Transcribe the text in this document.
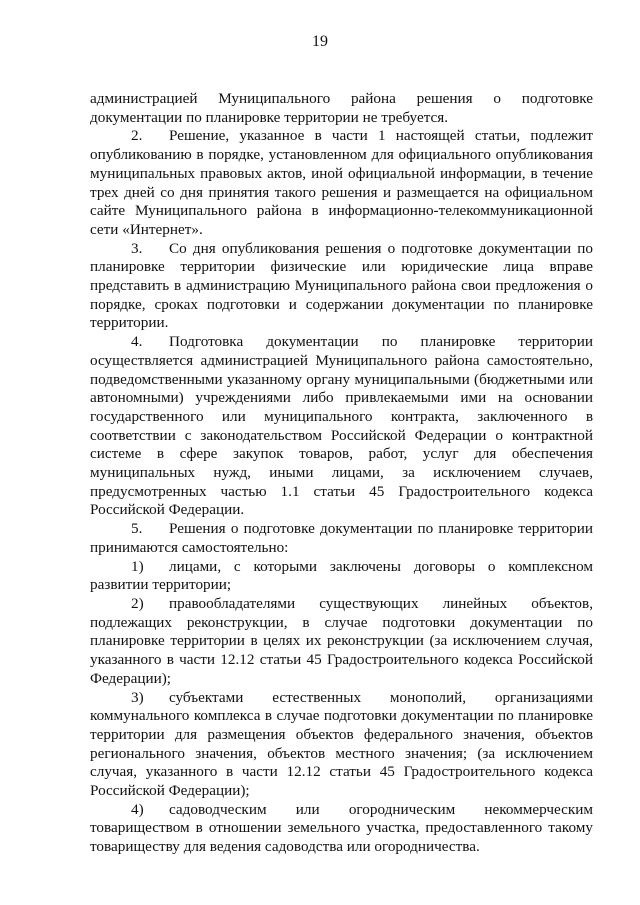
19

администрацией Муниципального района решения о подготовке документации по планировке территории не требуется.

2. Решение, указанное в части 1 настоящей статьи, подлежит опубликованию в порядке, установленном для официального опубликования муниципальных правовых актов, иной официальной информации, в течение трех дней со дня принятия такого решения и размещается на официальном сайте Муниципального района в информационно-телекоммуникационной сети «Интернет».

3. Со дня опубликования решения о подготовке документации по планировке территории физические или юридические лица вправе представить в администрацию Муниципального района свои предложения о порядке, сроках подготовки и содержании документации по планировке территории.

4. Подготовка документации по планировке территории осуществляется администрацией Муниципального района самостоятельно, подведомственными указанному органу муниципальными (бюджетными или автономными) учреждениями либо привлекаемыми ими на основании государственного или муниципального контракта, заключенного в соответствии с законодательством Российской Федерации о контрактной системе в сфере закупок товаров, работ, услуг для обеспечения муниципальных нужд, иными лицами, за исключением случаев, предусмотренных частью 1.1 статьи 45 Градостроительного кодекса Российской Федерации.

5. Решения о подготовке документации по планировке территории принимаются самостоятельно:

1) лицами, с которыми заключены договоры о комплексном развитии территории;

2) правообладателями существующих линейных объектов, подлежащих реконструкции, в случае подготовки документации по планировке территории в целях их реконструкции (за исключением случая, указанного в части 12.12 статьи 45 Градостроительного кодекса Российской Федерации);

3) субъектами естественных монополий, организациями коммунального комплекса в случае подготовки документации по планировке территории для размещения объектов федерального значения, объектов регионального значения, объектов местного значения; (за исключением случая, указанного в части 12.12 статьи 45 Градостроительного кодекса Российской Федерации);

4) садоводческим или огородническим некоммерческим товариществом в отношении земельного участка, предоставленного такому товариществу для ведения садоводства или огородничества.
